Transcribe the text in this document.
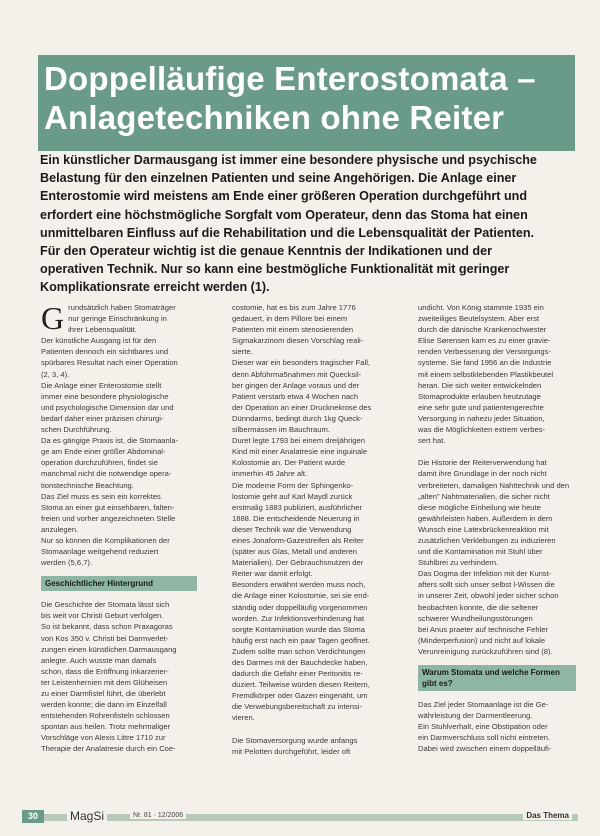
Doppelläufige Enterostomata –
Anlagetechniken ohne Reiter
Ein künstlicher Darmausgang ist immer eine besondere physische und psychische
Belastung für den einzelnen Patienten und seine Angehörigen. Die Anlage einer
Enterostomie wird meistens am Ende einer größeren Operation durchgeführt und
erfordert eine höchstmögliche Sorgfalt vom Operateur, denn das Stoma hat einen
unmittelbaren Einfluss auf die Rehabilitation und die Lebensqualität der Patienten.
Für den Operateur wichtig ist die genaue Kenntnis der Indikationen und der
operativen Technik. Nur so kann eine bestmögliche Funktionalität mit geringer
Komplikationsrate erreicht werden (1).
G rundsätzlich haben Stomaträger
nur geringe Einschränkung in
ihrer Lebensqualität.
Der künstliche Ausgang ist für den
Patienten dennoch ein sichtbares und
spürbares Resultat nach einer Operation
(2, 3, 4).
Die Anlage einer Enterostomie stellt
immer eine besondere physiologische
und psychologische Dimension dar und
bedarf daher einer präzisen chirurgi-
schen Durchführung.
Da es gängige Praxis ist, die Stomaanla-
ge am Ende einer größer Abdominal-
operation durchzuführen, findet sie
manchmal nicht die notwendige opera-
tionstechnische Beachtung.
Das Ziel muss es sein ein korrektes
Stoma an einer gut einsehbaren, falten-
freien und vorher angezeichneten Stelle
anzulegen.
Nur so können die Komplikationen der
Stomaanlage weitgehend reduziert
werden (5,6,7).
Geschichtlicher Hintergrund
Die Geschichte der Stomata lässt sich
bis weit vor Christi Geburt verfolgen.
So ist bekannt, dass schon Praxagoras
von Kos 350 v. Christi bei Darmverlet-
zungen einen künstlichen Darmausgang
anlegte. Auch wusste man damals
schon, dass die Eröffnung inkarzerier-
ter Leistenhernien mit dem Glüheisen
zu einer Darmfistel führt, die überlebt
werden konnte; die dann im Einzelfall
entstehenden Rohrenfisteln schlossen
spontan aus heilen. Trotz mehrmaliger
Vorschläge von Alexis Littre 1710 zur
Therapie der Analatresie durch ein Coe-
costomie, hat es bis zum Jahre 1776
gedauert, in dem Pillore bei einem
Patienten mit einem stenosierenden
Sigmakarzinom diesen Vorschlag reali-
sierte.
Dieser war ein besonders tragischer Fall,
denn Abführma5nahmen mit Quecksil-
ber gingen der Anlage voraus und der
Patient verstarb etwa 4 Wochen nach
der Operation an einer Drucknekrose des
Dünndarms, bedingt durch 1kg Queck-
silbermassen im Bauchraum.
Duret legte 1793 bei einem dreijährigen
Kind mit einer Analatresie eine inguinale
Kolostomie an. Der Patient wurde
immerhin 45 Jahre alt.
Die moderne Form der Sphingenko-
lostomie geht auf Karl Maydl zurück
erstmalig 1883 publiziert, ausführlicher
1888. Die entscheidende Neuerung in
dieser Technik war die Verwendung
eines Jonaform-Gazestreifen als Reiter
(später aus Glas, Metall und anderen
Materialien). Der Gebrauchsnutzen der
Reiter war damit erfolgt.
Besonders erwähnt werden muss noch,
die Anlage einer Kolostomie, sei sie end-
ständig oder doppelläufig vorgenommen
worden. Zur Infektionsverhinderung hat
sorgte Kontamination wurde das Stoma
häufig erst nach ein paar Tagen geöffnet.
Zudem sollte man schon Verdichtungen
des Darmes mit der Bauchdecke haben,
dadurch die Gefahr einer Peritonitis re-
duziert. Teilweise würden diesen Reitern,
Fremdkörper oder Gazen eingenäht, um
die Verwebungsbereitschaft zu intensi-
vieren.
Die Stomaversorgung wurde anfangs
mit Pelotten durchgeführt, leider oft
undicht. Von König stammte 1935 ein
zweiteiliges Beutelsystem. Aber erst
durch die dänische Krankenschwester
Elise Sørensen kam es zu einer gravie-
renden Verbesserung der Versorgungs-
systeme. Sie fand 1956 an die Industrie
mit einem selbstklebenden Plastikbeutel
heran. Die sich weiter entwickelnden
Stomaprodukte erlauben heutzutage
eine sehr gute und patientengerechte
Versorgung in nahezu jeder Situation,
was die Möglichkeiten extrem verbes-
sert hat.
Die Historie der Reiterverwendung hat
damit ihre Grundlage in der noch nicht
verbreiteten, damaligen Nahttechnik und den
„alten" Nahtmaterialien, die sicher nicht
diese mögliche Einheilung wie heute
gewährleisten haben. Außerdem in dem
Wunsch eine Latexbrückenreaktion mit
zusätzlichen Verklebungen zu induzieren
und die Kontamination mit Stuhl über
Stuhlbrei zu verhindern.
Das Dogma der Infektion mit der Kunst-
afters sollt sich unser selbst l-Wissen die
in unserer Zeit, obwohl jeder sicher schon
beobachten konnte, die die seltener
schwerer Wundheilungsstörungen
bei Anus praeter auf technische Fehler
(Minderperfusion) und nicht auf lokale
Verunreinigung zurückzuführen sind (8).
Warum Stomata und welche Formen gibt es?
Das Ziel jeder Stomaanlage ist die Ge-
währleistung der Darmentleerung.
Ein Stuhlverhalt, eine Obstipation oder
ein Darmverschluss soll nicht eintreten.
Dabei wird zwischen einem doppelläufi-
30	MagSi	Nr. 81 · 12/2006	Das Thema
